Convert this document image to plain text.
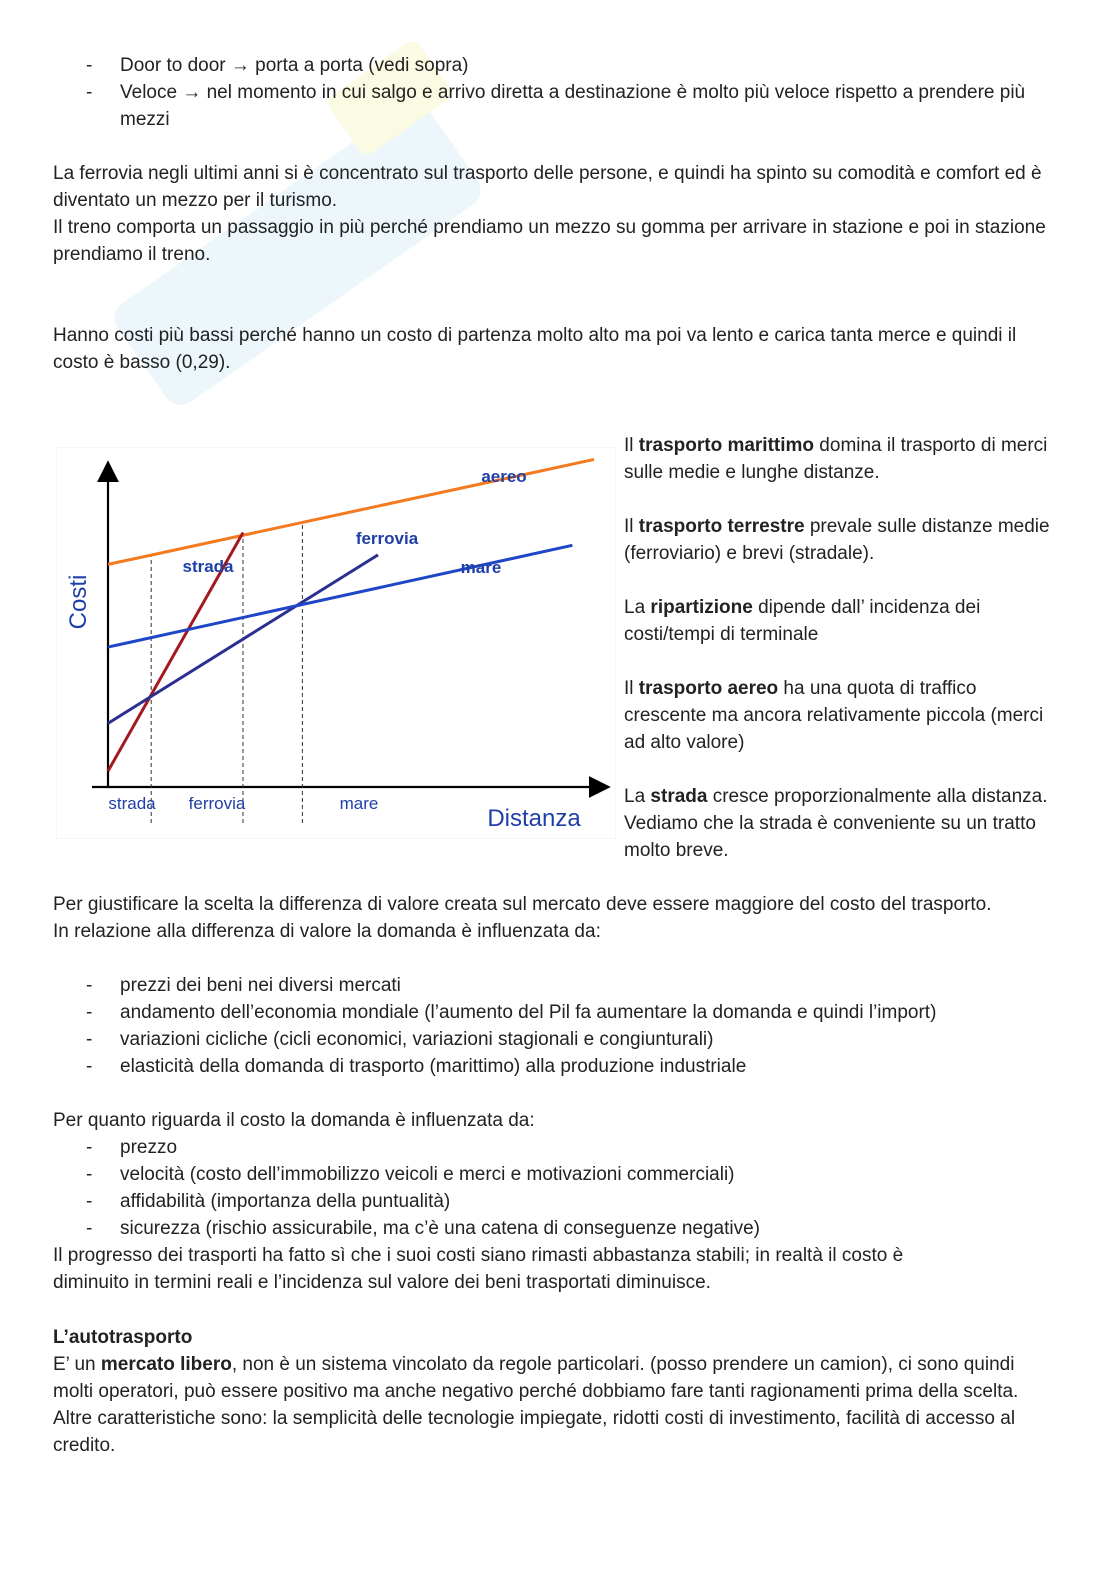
- Door to door → porta a porta (vedi sopra)
- Veloce → nel momento in cui salgo e arrivo diretta a destinazione è molto più veloce rispetto a prendere più mezzi
La ferrovia negli ultimi anni si è concentrato sul trasporto delle persone, e quindi ha spinto su comodità e comfort ed è diventato un mezzo per il turismo.
Il treno comporta un passaggio in più perché prendiamo un mezzo su gomma per arrivare in stazione e poi in stazione prendiamo il treno.
Hanno costi più bassi perché hanno un costo di partenza molto alto ma poi va lento e carica tanta merce e quindi il costo è basso (0,29).
Costi
Distanza
strada ferrovia	mare
aereo
strada
ferrovia
mare

Il trasporto marittimo domina il trasporto di merci sulle medie e lunghe distanze.

Il trasporto terrestre prevale sulle distanze medie (ferroviario) e brevi (stradale).

La ripartizione dipende dall’ incidenza dei costi/tempi di terminale

Il trasporto aereo ha una quota di traffico crescente ma ancora relativamente piccola (merci ad alto valore)

La strada cresce proporzionalmente alla distanza. Vediamo che la strada è conveniente su un tratto molto breve.

Per giustificare la scelta la differenza di valore creata sul mercato deve essere maggiore del costo del trasporto.
In relazione alla differenza di valore la domanda è influenzata da:
- prezzi dei beni nei diversi mercati
- andamento dell’economia mondiale (l’aumento del Pil fa aumentare la domanda e quindi l’import)
- variazioni cicliche (cicli economici, variazioni stagionali e congiunturali)
- elasticità della domanda di trasporto (marittimo) alla produzione industriale
Per quanto riguarda il costo la domanda è influenzata da:
- prezzo
- velocità (costo dell’immobilizzo veicoli e merci e motivazioni commerciali)
- affidabilità (importanza della puntualità)
- sicurezza (rischio assicurabile, ma c’è una catena di conseguenze negative)
Il progresso dei trasporti ha fatto sì che i suoi costi siano rimasti abbastanza stabili; in realtà il costo è diminuito in termini reali e l’incidenza sul valore dei beni trasportati diminuisce.
L’autotrasporto
E’ un mercato libero, non è un sistema vincolato da regole particolari. (posso prendere un camion), ci sono quindi molti operatori, può essere positivo ma anche negativo perché dobbiamo fare tanti ragionamenti prima della scelta. Altre caratteristiche sono: la semplicità delle tecnologie impiegate, ridotti costi di investimento, facilità di accesso al credito.
